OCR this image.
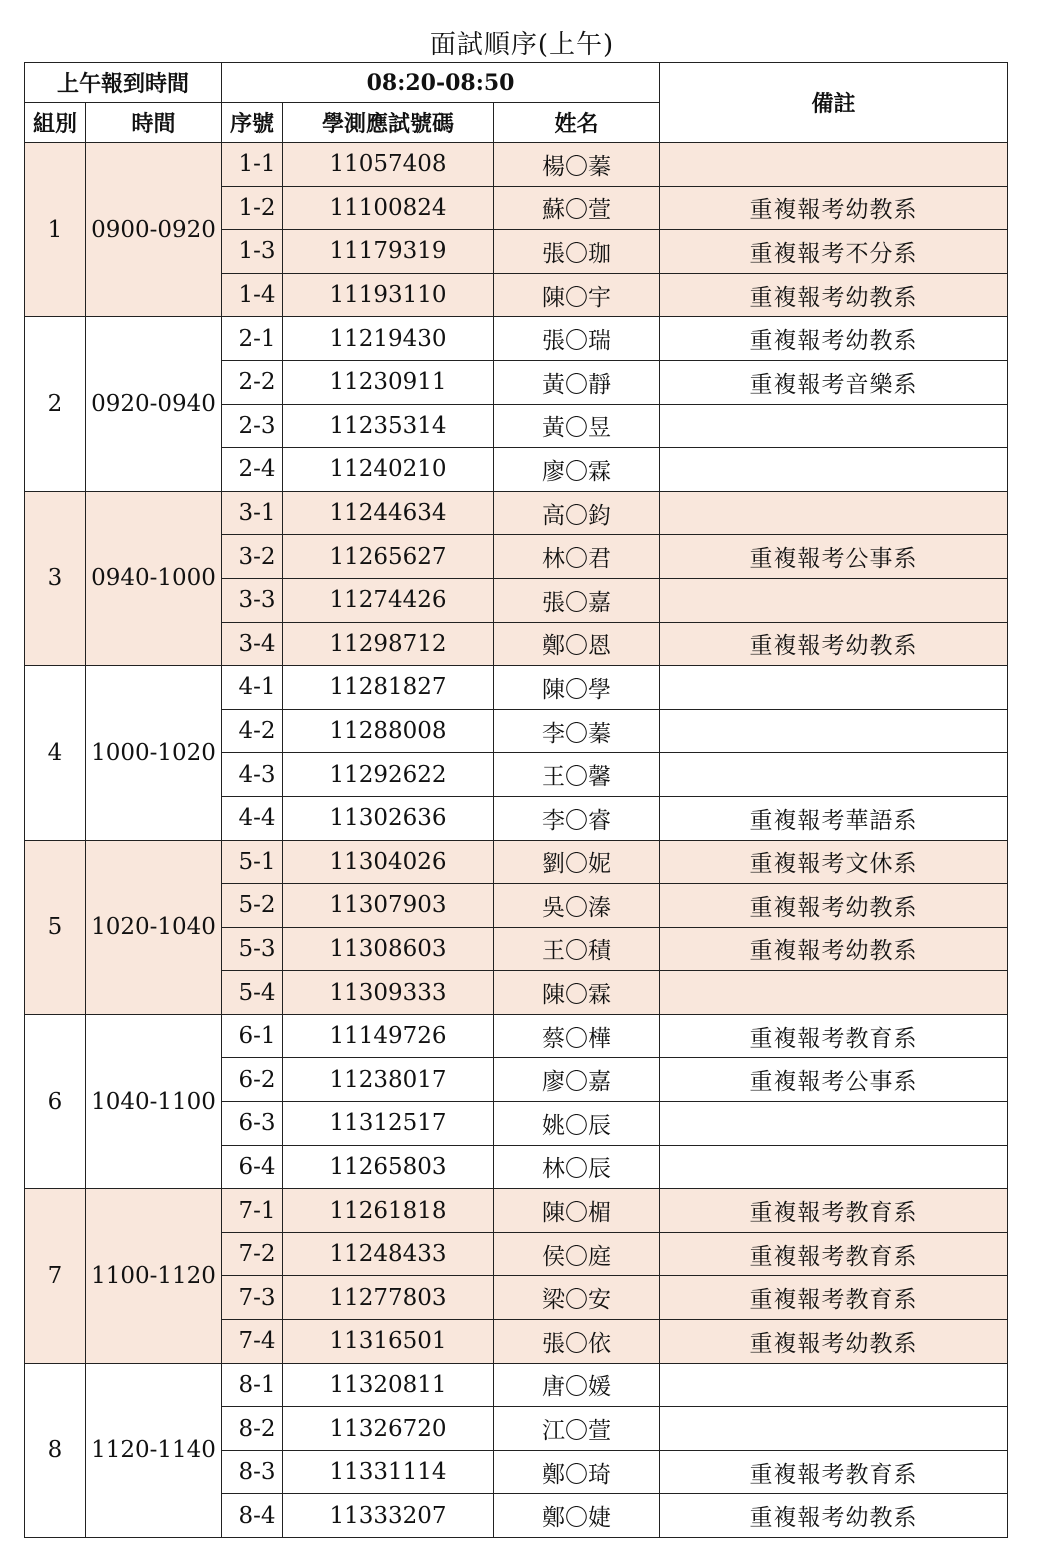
面試順序(上午)
上午報到時間		08:20-08:50			備註
組別	時間	序號	學測應試號碼	姓名	
1	0900-0920	1-1	11057408	楊〇蓁	
		1-2	11100824	蘇〇萱	重複報考幼教系
		1-3	11179319	張〇珈	重複報考不分系
		1-4	11193110	陳〇宇	重複報考幼教系
2	0920-0940	2-1	11219430	張〇瑞	重複報考幼教系
		2-2	11230911	黃〇靜	重複報考音樂系
		2-3	11235314	黃〇昱	
		2-4	11240210	廖〇霖	
3	0940-1000	3-1	11244634	高〇鈞	
		3-2	11265627	林〇君	重複報考公事系
		3-3	11274426	張〇嘉	
		3-4	11298712	鄭〇恩	重複報考幼教系
4	1000-1020	4-1	11281827	陳〇學	
		4-2	11288008	李〇蓁	
		4-3	11292622	王〇馨	
		4-4	11302636	李〇睿	重複報考華語系
5	1020-1040	5-1	11304026	劉〇妮	重複報考文休系
		5-2	11307903	吳〇溱	重複報考幼教系
		5-3	11308603	王〇積	重複報考幼教系
		5-4	11309333	陳〇霖	
6	1040-1100	6-1	11149726	蔡〇樺	重複報考教育系
		6-2	11238017	廖〇嘉	重複報考公事系
		6-3	11312517	姚〇辰	
		6-4	11265803	林〇辰	
7	1100-1120	7-1	11261818	陳〇楣	重複報考教育系
		7-2	11248433	侯〇庭	重複報考教育系
		7-3	11277803	梁〇安	重複報考教育系
		7-4	11316501	張〇依	重複報考幼教系
8	1120-1140	8-1	11320811	唐〇媛	
		8-2	11326720	江〇萱	
		8-3	11331114	鄭〇琦	重複報考教育系
		8-4	11333207	鄭〇婕	重複報考幼教系
